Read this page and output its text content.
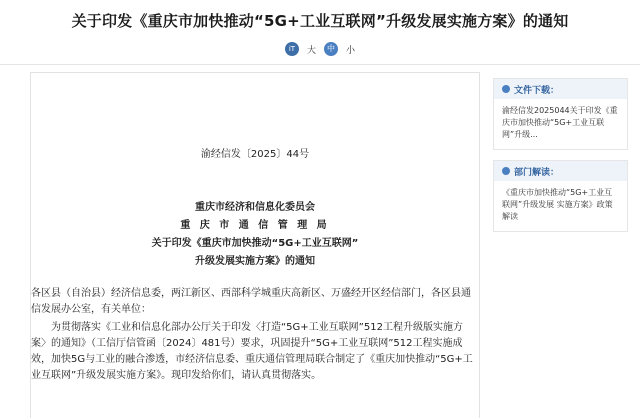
关于印发《重庆市加快推动“5G+工业互联网”升级发展实施方案》的通知
iT	大	中	小
渝经信发〔2025〕44号
重庆市经济和信息化委员会
重 庆 市 通 信 管 理 局
关于印发《重庆市加快推动“5G+工业互联网”
升级发展实施方案》的通知
各区县（自治县）经济信息委，两江新区、西部科学城重庆高新区、万盛经开区经信部门，各区县通信发展办公室，有关单位：
为贯彻落实《工业和信息化部办公厅关于印发〈打造“5G+工业互联网”512工程升级版实施方案〉的通知》（工信厅信管函〔2024〕481号）要求，巩固提升“5G+工业互联网”512工程实施成效，加快5G与工业的融合渗透，市经济信息委、重庆通信管理局联合制定了《重庆加快推动“5G+工业互联网”升级发展实施方案》。现印发给你们，请认真贯彻落实。
文件下载：
渝经信发2025044关于印发《重庆市加快推动“5G+工业互联网”升级...
部门解读：
《重庆市加快推动“5G+工业互联网”升级发展 实施方案》政策解读
